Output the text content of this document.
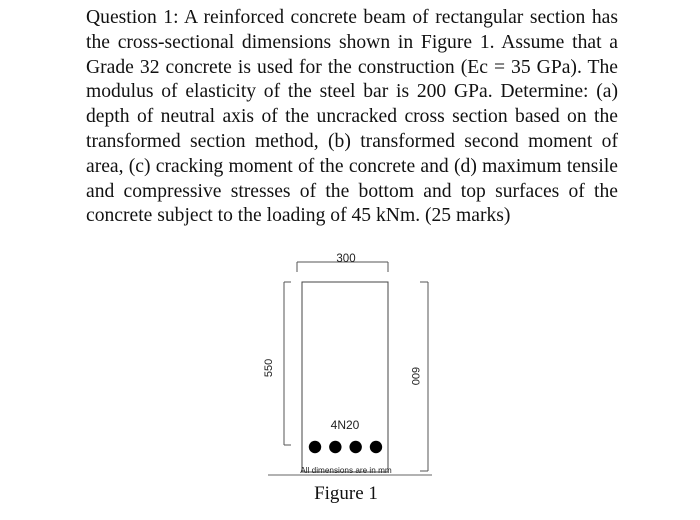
Question 1: A reinforced concrete beam of rectangular section has the cross-sectional dimensions shown in Figure 1. Assume that a Grade 32 concrete is used for the construction (Ec = 35 GPa). The modulus of elasticity of the steel bar is 200 GPa. Determine: (a) depth of neutral axis of the uncracked cross section based on the transformed section method, (b) transformed second moment of area, (c) cracking moment of the concrete and (d) maximum tensile and compressive stresses of the bottom and top surfaces of the concrete subject to the loading of 45 kNm. (25 marks)

300
550	600
4N20
All dimensions are in mm
Figure 1
